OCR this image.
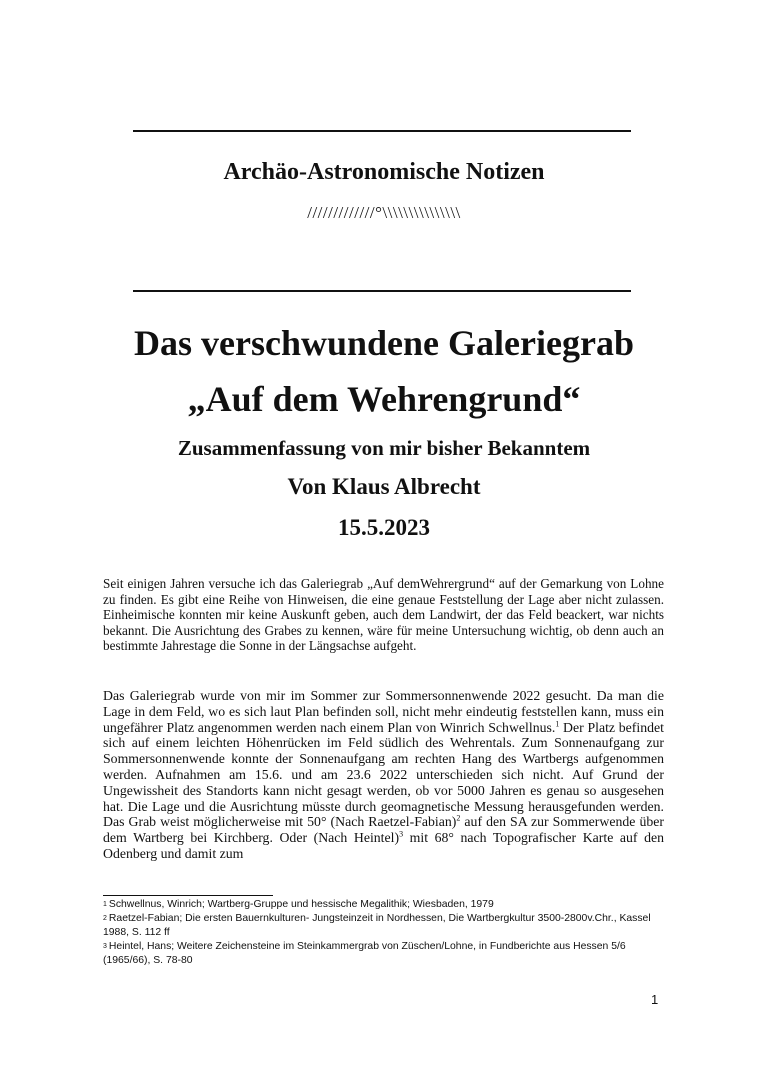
Archäo-Astronomische Notizen
/////////////°\\\\\\\\\\\\\\\
Das verschwundene Galeriegrab
„Auf dem Wehrengrund“
Zusammenfassung von mir bisher Bekanntem
Von Klaus Albrecht
15.5.2023

Seit einigen Jahren versuche ich das Galeriegrab „Auf demWehrergrund“ auf der Gemarkung von Lohne zu finden. Es gibt eine Reihe von Hinweisen, die eine genaue Feststellung der Lage aber nicht zulassen. Einheimische konnten mir keine Auskunft geben, auch dem Landwirt, der das Feld beackert, war nichts bekannt. Die Ausrichtung des Grabes zu kennen, wäre für meine Untersuchung wichtig, ob denn auch an bestimmte Jahrestage die Sonne in der Längsachse aufgeht.

Das Galeriegrab wurde von mir im Sommer zur Sommersonnenwende 2022 gesucht. Da man die Lage in dem Feld, wo es sich laut Plan befinden soll, nicht mehr eindeutig feststellen kann, muss ein ungefährer Platz angenommen werden nach einem Plan von Winrich Schwellnus.$^1$ Der Platz befindet sich auf einem leichten Höhenrücken im Feld südlich des Wehrentals. Zum Sonnenaufgang zur Sommersonnenwende konnte der Sonnenaufgang am rechten Hang des Wartbergs aufgenommen werden. Aufnahmen am 15.6. und am 23.6 2022 unterschieden sich nicht. Auf Grund der Ungewissheit des Standorts kann nicht gesagt werden, ob vor 5000 Jahren es genau so ausgesehen hat. Die Lage und die Ausrichtung müsste durch geomagnetische Messung herausgefunden werden. Das Grab weist möglicherweise mit 50° (Nach Raetzel-Fabian)$^2$ auf den SA zur Sommerwende über dem Wartberg bei Kirchberg. Oder (Nach Heintel)$^3$ mit 68° nach Topografischer Karte auf den Odenberg und damit zum

$^1$ Schwellnus, Winrich; Wartberg-Gruppe und hessische Megalithik; Wiesbaden, 1979

$^2$ Raetzel-Fabian; Die ersten Bauernkulturen- Jungsteinzeit in Nordhessen, Die Wartbergkultur 3500-2800v.Chr., Kassel 1988, S. 112 ff

$^3$ Heintel, Hans; Weitere Zeichensteine im Steinkammergrab von Züschen/Lohne, in Fundberichte aus Hessen 5/6 (1965/66), S. 78-80

1
